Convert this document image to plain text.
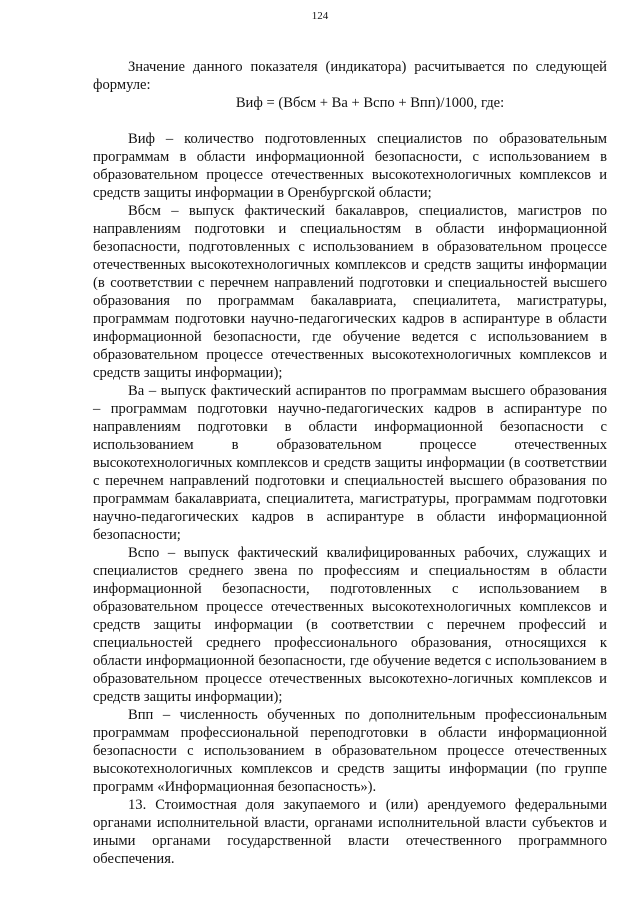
124

Значение данного показателя (индикатора) расчитывается по следующей формуле:

Виф = (Вбсм + Ва + Вспо + Впп)/1000, где:

Виф – количество подготовленных специалистов по образовательным программам в области информационной безопасности, с использованием в образовательном процессе отечественных высокотехнологичных комплексов и средств защиты информации в Оренбургской области;

Вбсм – выпуск фактический бакалавров, специалистов, магистров по направлениям подготовки и специальностям в области информационной безопасности, подготовленных с использованием в образовательном процессе отечественных высокотехнологичных комплексов и средств защиты информации (в соответствии с перечнем направлений подготовки и специальностей высшего образования по программам бакалавриата, специалитета, магистратуры, программам подготовки научно-педагогических кадров в аспирантуре в области информационной безопасности, где обучение ведется с использованием в образовательном процессе отечественных высокотехнологичных комплексов и средств защиты информации);

Ва – выпуск фактический аспирантов по программам высшего образования – программам подготовки научно-педагогических кадров в аспирантуре по направлениям подготовки в области информационной безопасности с использованием в образовательном процессе отечественных высокотехнологичных комплексов и средств защиты информации (в соответствии с перечнем направлений подготовки и специальностей высшего образования по программам бакалавриата, специалитета, магистратуры, программам подготовки научно-педагогических кадров в аспирантуре в области информационной безопасности;

Вспо – выпуск фактический квалифицированных рабочих, служащих и специалистов среднего звена по профессиям и специальностям в области информационной безопасности, подготовленных с использованием в образовательном процессе отечественных высокотехнологичных комплексов и средств защиты информации (в соответствии с перечнем профессий и специальностей среднего профессионального образования, относящихся к области информационной безопасности, где обучение ведется с использованием в образовательном процессе отечественных высокотехно-логичных комплексов и средств защиты информации);

Впп – численность обученных по дополнительным профессиональным программам профессиональной переподготовки в области информационной безопасности с использованием в образовательном процессе отечественных высокотехнологичных комплексов и средств защиты информации (по группе программ «Информационная безопасность»).

13. Стоимостная доля закупаемого и (или) арендуемого федеральными органами исполнительной власти, органами исполнительной власти субъектов и иными органами государственной власти отечественного программного обеспечения.
